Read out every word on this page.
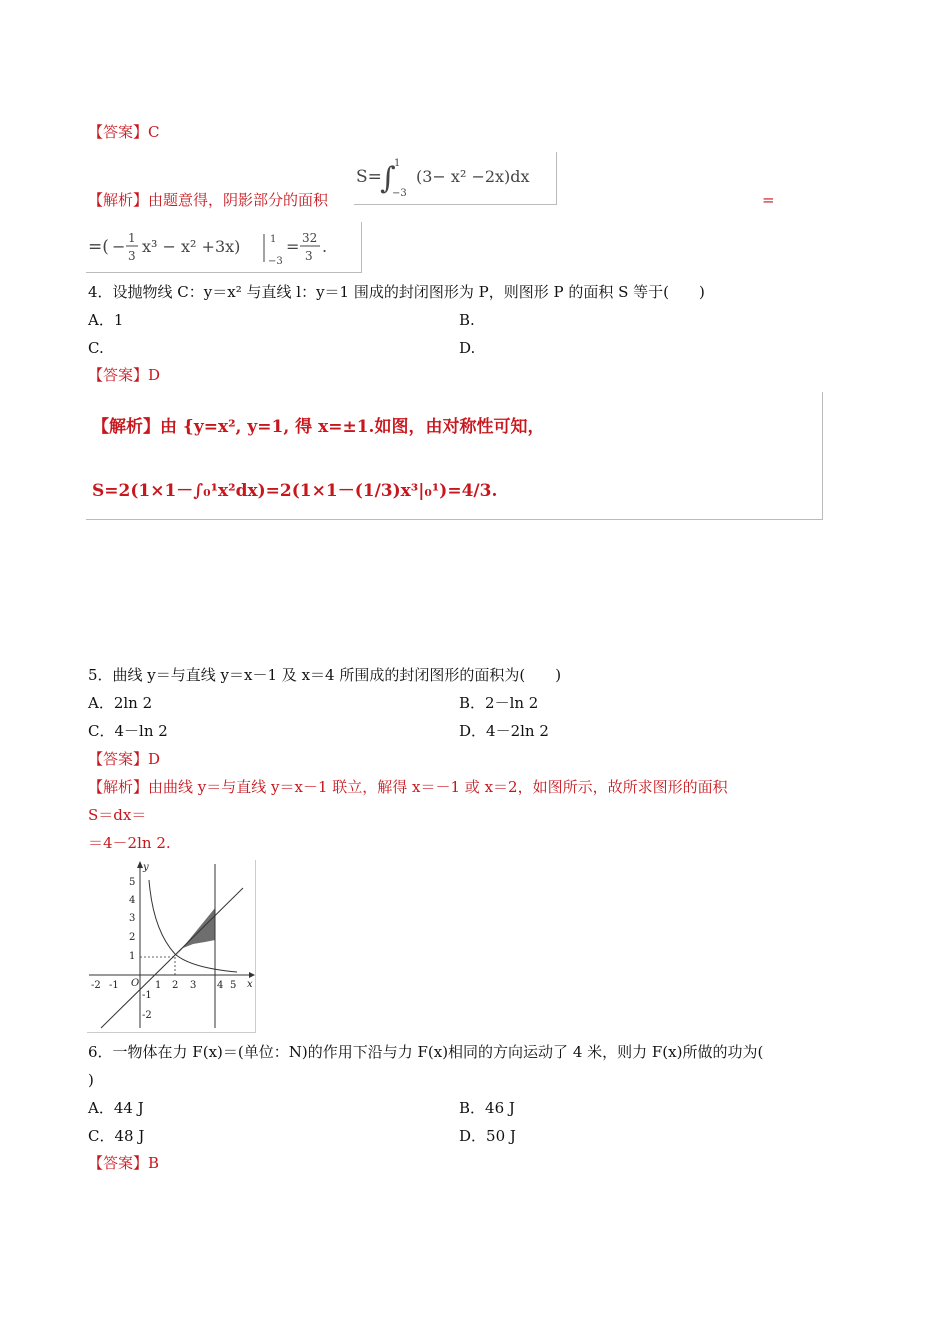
【答案】C
【解析】由题意得，阴影部分的面积
S=
∫
1
−3
(3− x² −2x)dx
=
=( − 1
3 x³ − x² +3x)	1
−3
= 32
3 .
4．设抛物线 C：y＝x² 与直线 l：y＝1 围成的封闭图形为 P，则图形 P 的面积 S 等于(　　)
A．1	B.
C.	D.
【答案】D
【解析】由 {y=x², y=1, 得 x=±1.如图，由对称性可知，
S=2(1×1－∫₀¹x²dx)=2(1×1－(1/3)x³|₀¹)=4/3.
5．曲线 y＝与直线 y＝x－1 及 x＝4 所围成的封闭图形的面积为(　　)
A．2ln 2	B．2－ln 2
C．4－ln 2	D．4－2ln 2
【答案】D
【解析】由曲线 y＝与直线 y＝x－1 联立，解得 x＝－1 或 x＝2，如图所示，故所求图形的面积
S＝dx＝
＝4－2ln 2.
y
x
O
5
4
3
2
1
-1
-2
-2 -1	1 2 3 4 5
6．一物体在力 F(x)＝(单位：N)的作用下沿与力 F(x)相同的方向运动了 4 米，则力 F(x)所做的功为(
)
A．44 J	B．46 J
C．48 J	D．50 J
【答案】B
